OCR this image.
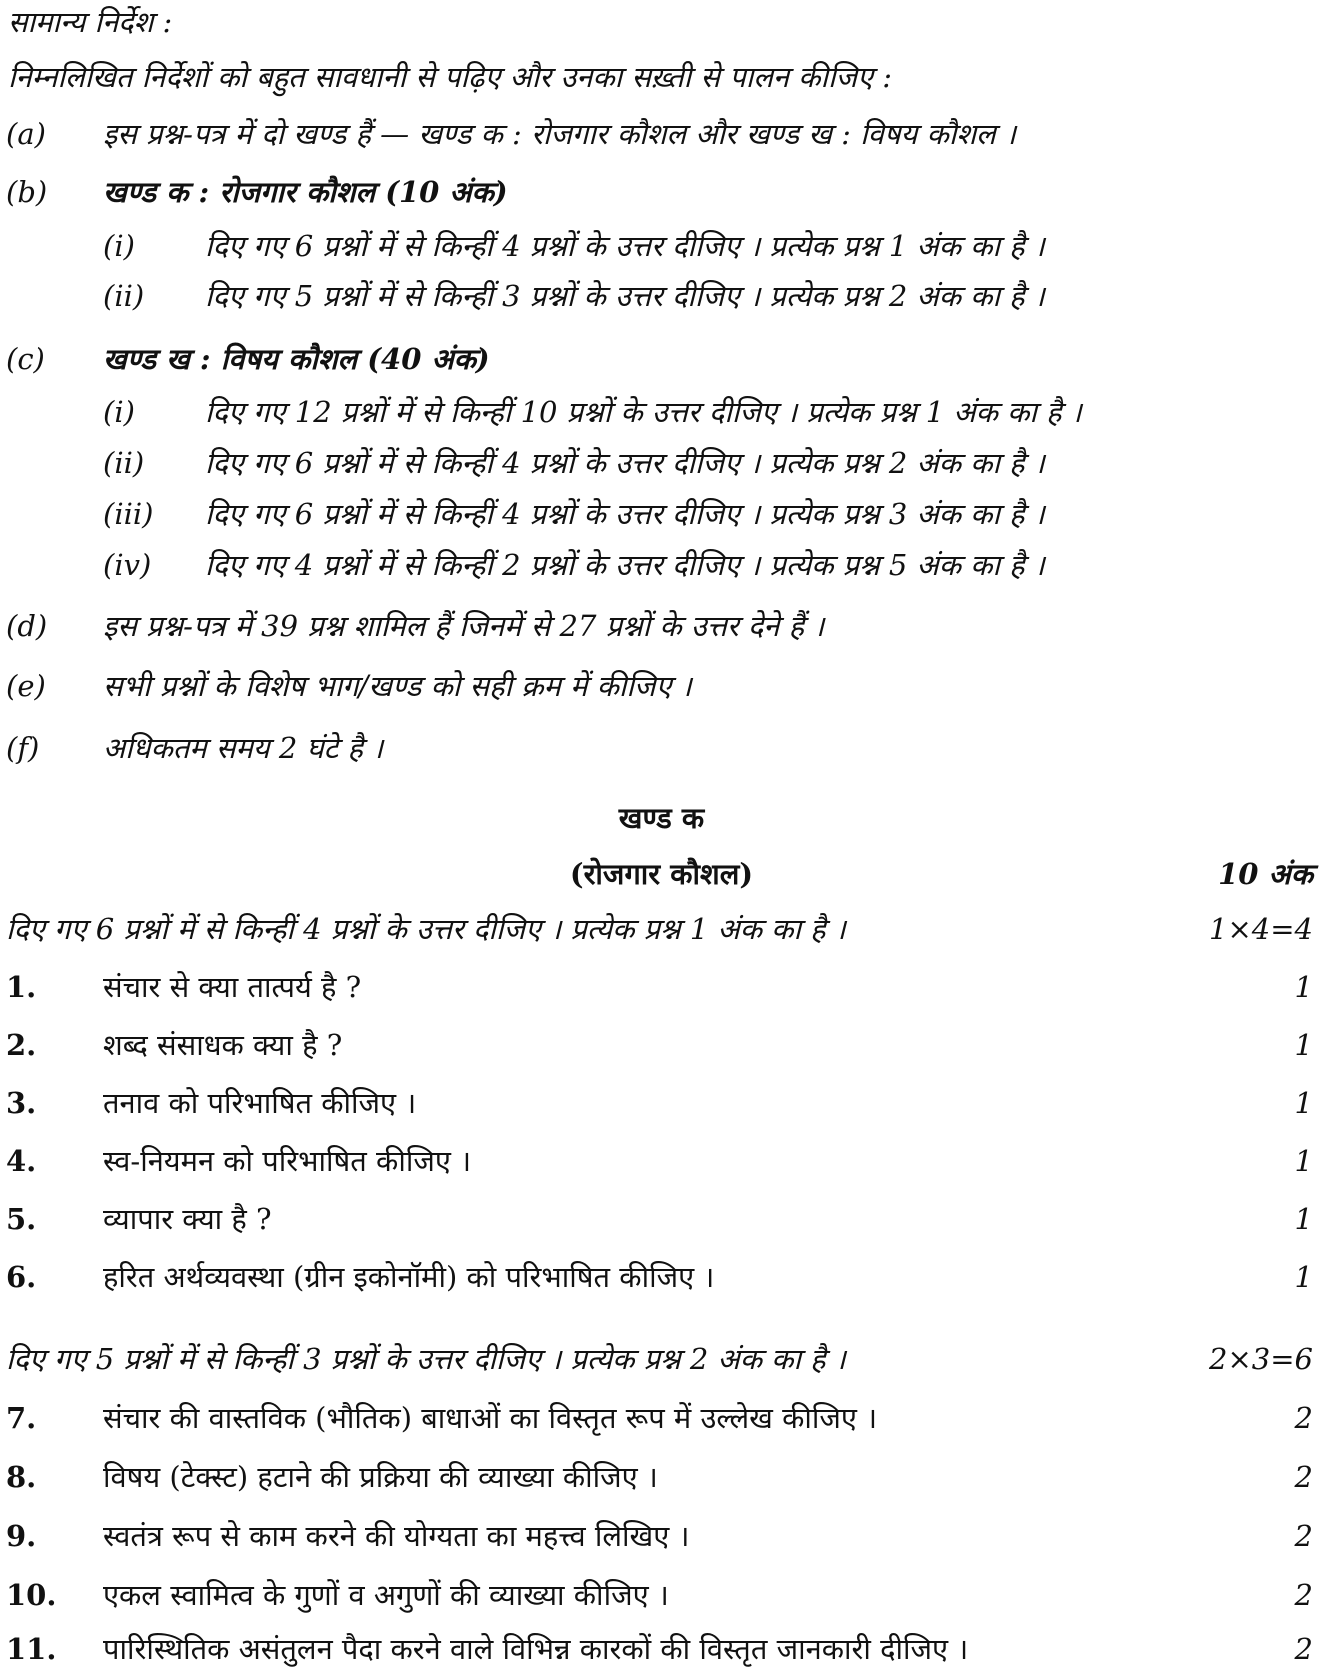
सामान्य निर्देश :
निम्नलिखित निर्देशों को बहुत सावधानी से पढ़िए और उनका सख़्ती से पालन कीजिए :
(a) इस प्रश्न-पत्र में दो खण्ड हैं — खण्ड क : रोजगार कौशल और खण्ड ख : विषय कौशल ।
(b) खण्ड क : रोजगार कौशल (10 अंक)
(i) दिए गए 6 प्रश्नों में से किन्हीं 4 प्रश्नों के उत्तर दीजिए । प्रत्येक प्रश्न 1 अंक का है ।
(ii) दिए गए 5 प्रश्नों में से किन्हीं 3 प्रश्नों के उत्तर दीजिए । प्रत्येक प्रश्न 2 अंक का है ।
(c) खण्ड ख : विषय कौशल (40 अंक)
(i) दिए गए 12 प्रश्नों में से किन्हीं 10 प्रश्नों के उत्तर दीजिए । प्रत्येक प्रश्न 1 अंक का है ।
(ii) दिए गए 6 प्रश्नों में से किन्हीं 4 प्रश्नों के उत्तर दीजिए । प्रत्येक प्रश्न 2 अंक का है ।
(iii) दिए गए 6 प्रश्नों में से किन्हीं 4 प्रश्नों के उत्तर दीजिए । प्रत्येक प्रश्न 3 अंक का है ।
(iv) दिए गए 4 प्रश्नों में से किन्हीं 2 प्रश्नों के उत्तर दीजिए । प्रत्येक प्रश्न 5 अंक का है ।
(d) इस प्रश्न-पत्र में 39 प्रश्न शामिल हैं जिनमें से 27 प्रश्नों के उत्तर देने हैं ।
(e) सभी प्रश्नों के विशेष भाग/खण्ड को सही क्रम में कीजिए ।
(f) अधिकतम समय 2 घंटे है ।
खण्ड क
(रोजगार कौशल)	10 अंक
दिए गए 6 प्रश्नों में से किन्हीं 4 प्रश्नों के उत्तर दीजिए । प्रत्येक प्रश्न 1 अंक का है ।	1×4=4
1. संचार से क्या तात्पर्य है ?	1
2. शब्द संसाधक क्या है ?	1
3. तनाव को परिभाषित कीजिए ।	1
4. स्व-नियमन को परिभाषित कीजिए ।	1
5. व्यापार क्या है ?	1
6. हरित अर्थव्यवस्था (ग्रीन इकोनॉमी) को परिभाषित कीजिए ।	1
दिए गए 5 प्रश्नों में से किन्हीं 3 प्रश्नों के उत्तर दीजिए । प्रत्येक प्रश्न 2 अंक का है ।	2×3=6
7. संचार की वास्तविक (भौतिक) बाधाओं का विस्तृत रूप में उल्लेख कीजिए ।	2
8. विषय (टेक्स्ट) हटाने की प्रक्रिया की व्याख्या कीजिए ।	2
9. स्वतंत्र रूप से काम करने की योग्यता का महत्त्व लिखिए ।	2
10. एकल स्वामित्व के गुणों व अगुणों की व्याख्या कीजिए ।	2
11. पारिस्थितिक असंतुलन पैदा करने वाले विभिन्न कारकों की विस्तृत जानकारी दीजिए ।	2
